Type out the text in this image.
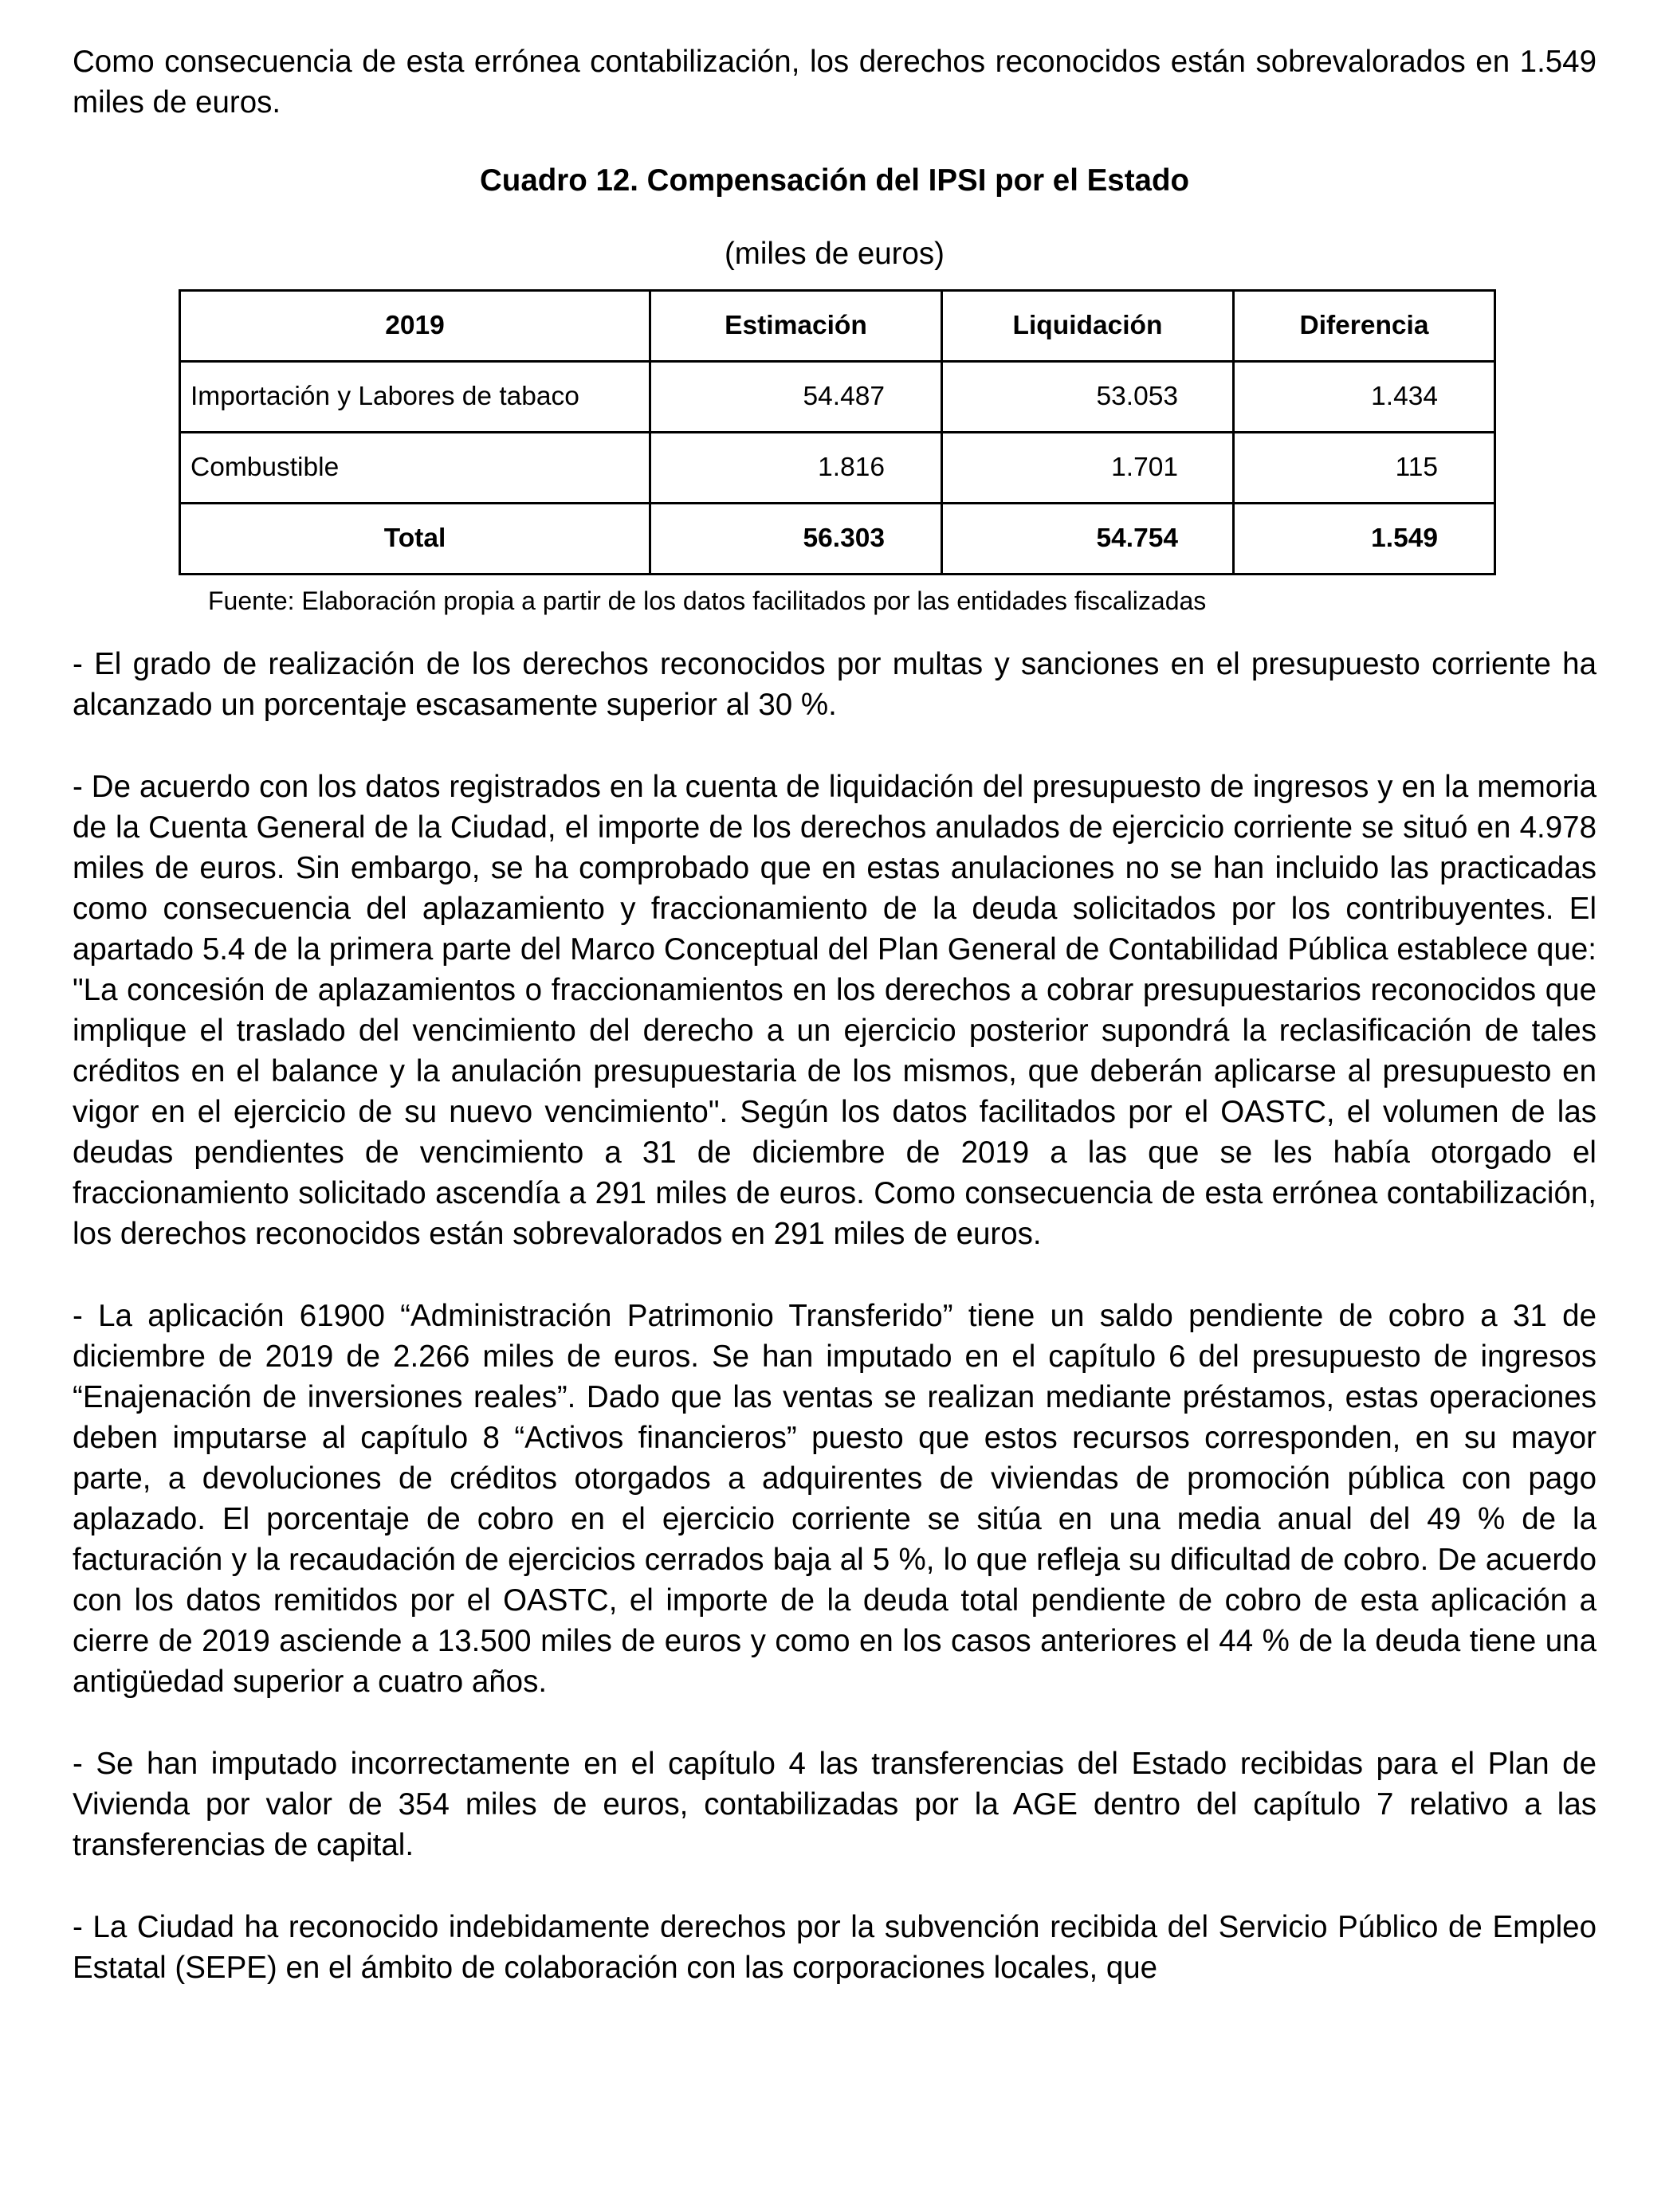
Como consecuencia de esta errónea contabilización, los derechos reconocidos están sobrevalorados en 1.549 miles de euros.

Cuadro 12. Compensación del IPSI por el Estado
(miles de euros)
2019	Estimación	Liquidación	Diferencia
Importación y Labores de tabaco	54.487	53.053	1.434
Combustible	1.816	1.701	115
Total	56.303	54.754	1.549
Fuente: Elaboración propia a partir de los datos facilitados por las entidades fiscalizadas

- El grado de realización de los derechos reconocidos por multas y sanciones en el presupuesto corriente ha alcanzado un porcentaje escasamente superior al 30 %.

- De acuerdo con los datos registrados en la cuenta de liquidación del presupuesto de ingresos y en la memoria de la Cuenta General de la Ciudad, el importe de los derechos anulados de ejercicio corriente se situó en 4.978 miles de euros. Sin embargo, se ha comprobado que en estas anulaciones no se han incluido las practicadas como consecuencia del aplazamiento y fraccionamiento de la deuda solicitados por los contribuyentes. El apartado 5.4 de la primera parte del Marco Conceptual del Plan General de Contabilidad Pública establece que: "La concesión de aplazamientos o fraccionamientos en los derechos a cobrar presupuestarios reconocidos que implique el traslado del vencimiento del derecho a un ejercicio posterior supondrá la reclasificación de tales créditos en el balance y la anulación presupuestaria de los mismos, que deberán aplicarse al presupuesto en vigor en el ejercicio de su nuevo vencimiento". Según los datos facilitados por el OASTC, el volumen de las deudas pendientes de vencimiento a 31 de diciembre de 2019 a las que se les había otorgado el fraccionamiento solicitado ascendía a 291 miles de euros. Como consecuencia de esta errónea contabilización, los derechos reconocidos están sobrevalorados en 291 miles de euros.

- La aplicación 61900 “Administración Patrimonio Transferido” tiene un saldo pendiente de cobro a 31 de diciembre de 2019 de 2.266 miles de euros. Se han imputado en el capítulo 6 del presupuesto de ingresos “Enajenación de inversiones reales”. Dado que las ventas se realizan mediante préstamos, estas operaciones deben imputarse al capítulo 8 “Activos financieros” puesto que estos recursos corresponden, en su mayor parte, a devoluciones de créditos otorgados a adquirentes de viviendas de promoción pública con pago aplazado. El porcentaje de cobro en el ejercicio corriente se sitúa en una media anual del 49 % de la facturación y la recaudación de ejercicios cerrados baja al 5 %, lo que refleja su dificultad de cobro. De acuerdo con los datos remitidos por el OASTC, el importe de la deuda total pendiente de cobro de esta aplicación a cierre de 2019 asciende a 13.500 miles de euros y como en los casos anteriores el 44 % de la deuda tiene una antigüedad superior a cuatro años.

- Se han imputado incorrectamente en el capítulo 4 las transferencias del Estado recibidas para el Plan de Vivienda por valor de 354 miles de euros, contabilizadas por la AGE dentro del capítulo 7 relativo a las transferencias de capital.

- La Ciudad ha reconocido indebidamente derechos por la subvención recibida del Servicio Público de Empleo Estatal (SEPE) en el ámbito de colaboración con las corporaciones locales, que
